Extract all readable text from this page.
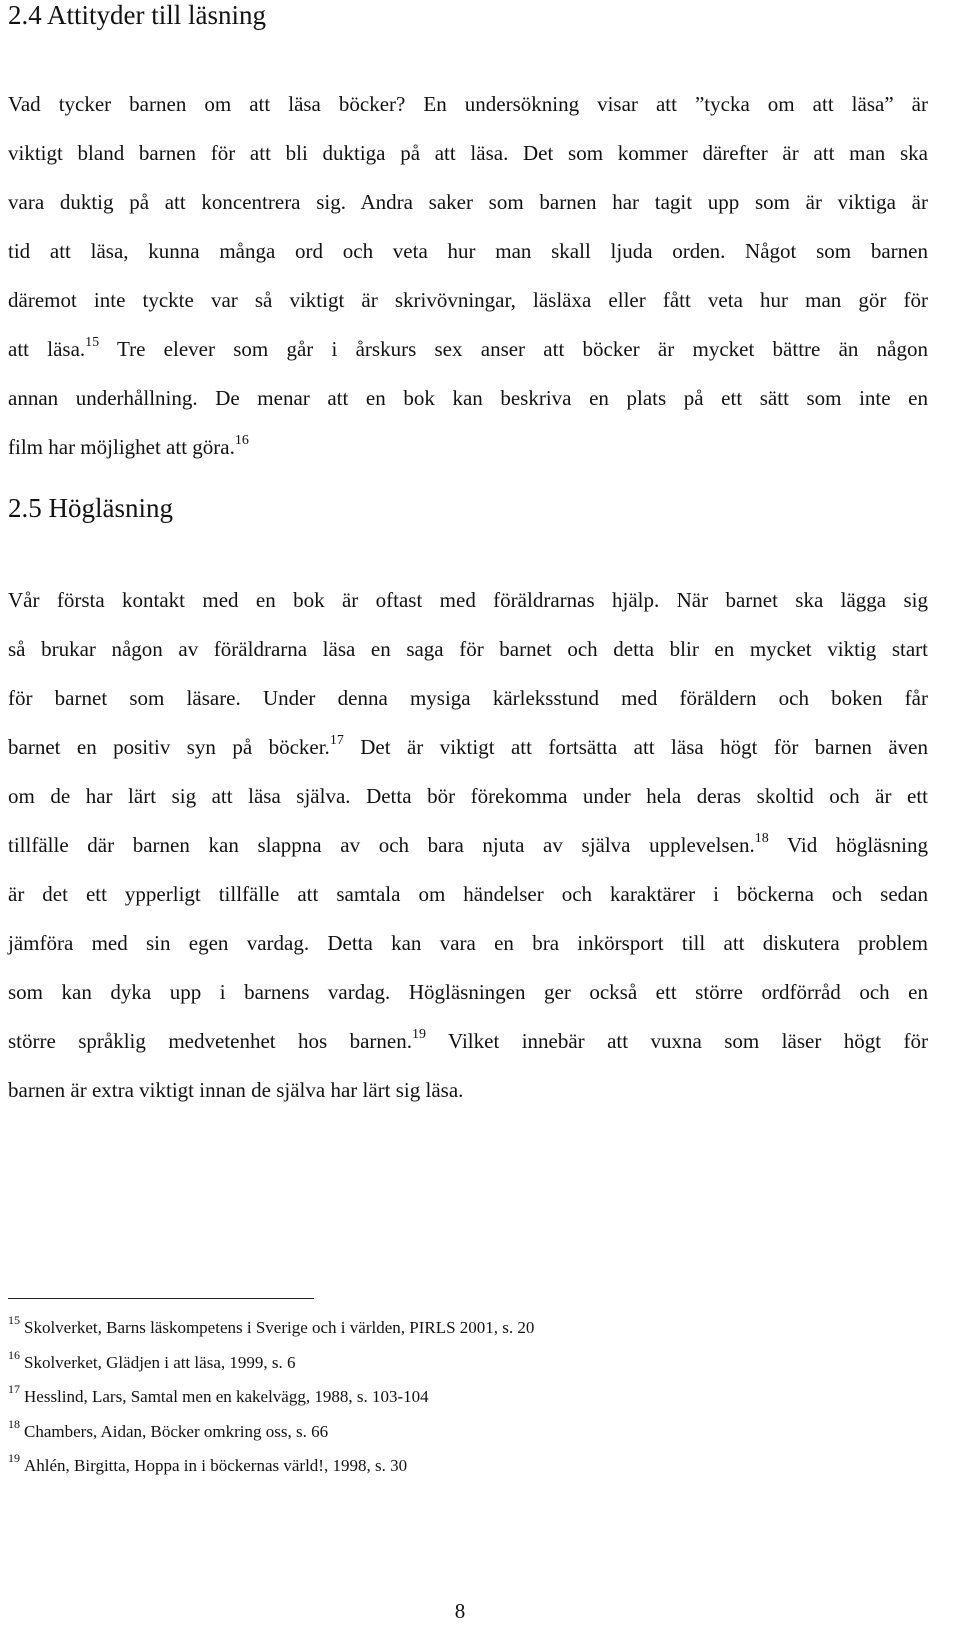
2.4 Attityder till läsning
Vad tycker barnen om att läsa böcker? En undersökning visar att ”tycka om att läsa” är
viktigt bland barnen för att bli duktiga på att läsa. Det som kommer därefter är att man ska
vara duktig på att koncentrera sig. Andra saker som barnen har tagit upp som är viktiga är
tid att läsa, kunna många ord och veta hur man skall ljuda orden. Något som barnen
däremot inte tyckte var så viktigt är skrivövningar, läsläxa eller fått veta hur man gör för
att läsa.$^{15}$ Tre elever som går i årskurs sex anser att böcker är mycket bättre än någon
annan underhållning. De menar att en bok kan beskriva en plats på ett sätt som inte en
film har möjlighet att göra.$^{16}$
2.5 Högläsning
Vår första kontakt med en bok är oftast med föräldrarnas hjälp. När barnet ska lägga sig
så brukar någon av föräldrarna läsa en saga för barnet och detta blir en mycket viktig start
för barnet som läsare. Under denna mysiga kärleksstund med föräldern och boken får
barnet en positiv syn på böcker.$^{17}$ Det är viktigt att fortsätta att läsa högt för barnen även
om de har lärt sig att läsa själva. Detta bör förekomma under hela deras skoltid och är ett
tillfälle där barnen kan slappna av och bara njuta av själva upplevelsen.$^{18}$ Vid högläsning
är det ett ypperligt tillfälle att samtala om händelser och karaktärer i böckerna och sedan
jämföra med sin egen vardag. Detta kan vara en bra inkörsport till att diskutera problem
som kan dyka upp i barnens vardag. Högläsningen ger också ett större ordförråd och en
större språklig medvetenhet hos barnen.$^{19}$ Vilket innebär att vuxna som läser högt för
barnen är extra viktigt innan de själva har lärt sig läsa.
$^{15}$ Skolverket, Barns läskompetens i Sverige och i världen, PIRLS 2001, s. 20
$^{16}$ Skolverket, Glädjen i att läsa, 1999, s. 6
$^{17}$ Hesslind, Lars, Samtal men en kakelvägg, 1988, s. 103-104
$^{18}$ Chambers, Aidan, Böcker omkring oss, s. 66
$^{19}$ Ahlén, Birgitta, Hoppa in i böckernas värld!, 1998, s. 30
8
